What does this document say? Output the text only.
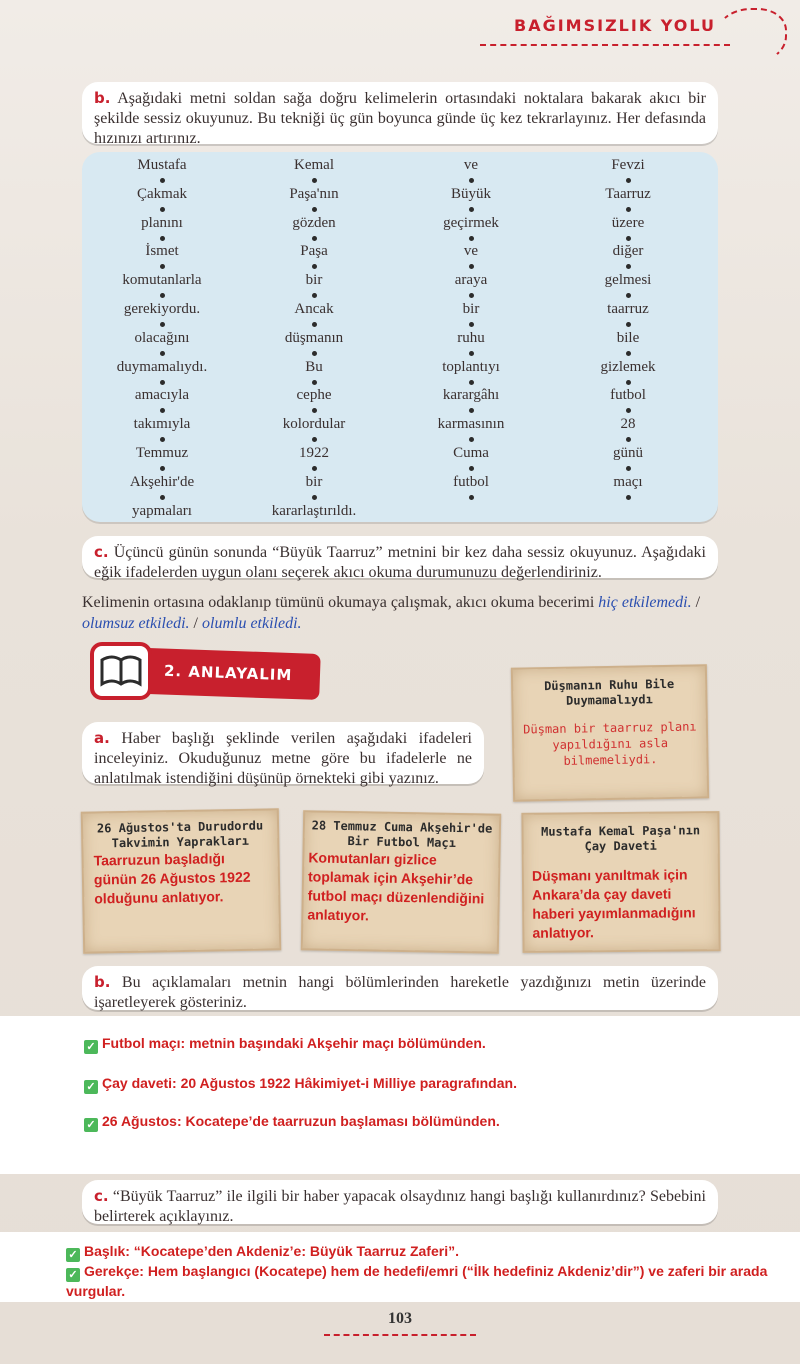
BAĞIMSIZLIK YOLU
b. Aşağıdaki metni soldan sağa doğru kelimelerin ortasındaki noktalara bakarak akıcı bir şekilde sessiz okuyunuz. Bu tekniği üç gün boyunca günde üç kez tekrarlayınız. Her defasında hızınızı artırınız.
Mustafa
Çakmak
planını
İsmet
komutanlarla
gerekiyordu.
olacağını
duymamalıydı.
amacıyla
takımıyla
Temmuz
Akşehir'de
yapmaları
Kemal
Paşa'nın
gözden
Paşa
bir
Ancak
düşmanın
Bu
cephe
kolordular
1922
bir
kararlaştırıldı.
ve
Büyük
geçirmek
ve
araya
bir
ruhu
toplantıyı
karargâhı
karmasının
Cuma
futbol
Fevzi
Taarruz
üzere
diğer
gelmesi
taarruz
bile
gizlemek
futbol
28
günü
maçı
c. Üçüncü günün sonunda “Büyük Taarruz” metnini bir kez daha sessiz okuyunuz. Aşağıdaki eğik ifadelerden uygun olanı seçerek akıcı okuma durumunuzu değerlendiriniz.
Kelimenin ortasına odaklanıp tümünü okumaya çalışmak, akıcı okuma becerimi hiç etkilemedi. / olumsuz etkiledi. / olumlu etkiledi.
2. ANLAYALIM
Düşmanın Ruhu Bile Duymamalıydı
Düşman bir taarruz planı yapıldığını asla bilmemeliydi.
a. Haber başlığı şeklinde verilen aşağıdaki ifadeleri inceleyiniz. Okuduğunuz metne göre bu ifadelerle ne anlatılmak istendiğini düşünüp örnekteki gibi yazınız.
26 Ağustos'ta Durudordu Takvimin Yaprakları
Taarruzun başladığı günün 26 Ağustos 1922 olduğunu anlatıyor.
28 Temmuz Cuma Akşehir'de Bir Futbol Maçı
Komutanları gizlice toplamak için Akşehir’de futbol maçı düzenlendiğini anlatıyor.
Mustafa Kemal Paşa'nın Çay Daveti
Düşmanı yanıltmak için Ankara’da çay daveti haberi yayımlanmadığını anlatıyor.
b. Bu açıklamaları metnin hangi bölümlerinden hareketle yazdığınızı metin üzerinde işaretleyerek gösteriniz.
✓ Futbol maçı: metnin başındaki Akşehir maçı bölümünden.
✓ Çay daveti: 20 Ağustos 1922 Hâkimiyet-i Milliye paragrafından.
✓ 26 Ağustos: Kocatepe’de taarruzun başlaması bölümünden.
c. “Büyük Taarruz” ile ilgili bir haber yapacak olsaydınız hangi başlığı kullanırdınız? Sebebini belirterek açıklayınız.
✓ Başlık: “Kocatepe’den Akdeniz’e: Büyük Taarruz Zaferi”.
✓ Gerekçe: Hem başlangıcı (Kocatepe) hem de hedefi/emri (“İlk hedefiniz Akdeniz’dir”) ve zaferi bir arada vurgular.
103
